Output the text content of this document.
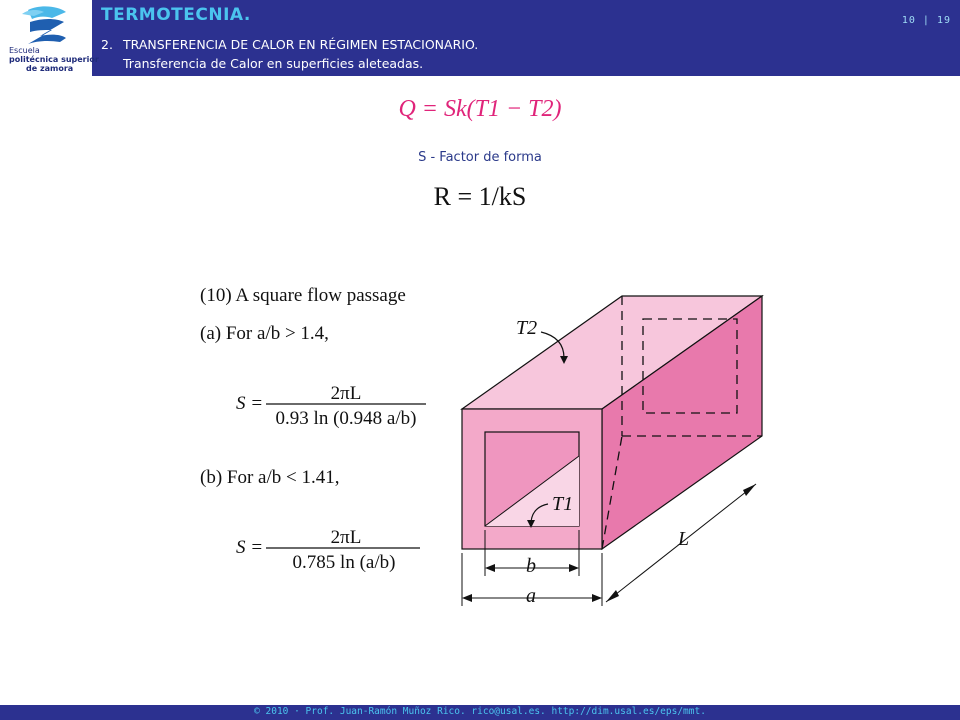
Escuela
politécnica superior
de zamora
TERMOTECNIA.
2. TRANSFERENCIA DE CALOR EN RÉGIMEN ESTACIONARIO.
Transferencia de Calor en superficies aleteadas.
10 | 19
Q = Sk(T1 − T2)
S - Factor de forma
R = 1/kS
(10) A square flow passage
(a) For a/b > 1.4,
S =	2πL
0.93 ln (0.948 a/b)
(b) For a/b < 1.41,
S =	2πL
0.785 ln (a/b)
T2
T1
L
b
a
© 2010 · Prof. Juan-Ramón Muñoz Rico. rico@usal.es. http://dim.usal.es/eps/mmt.
